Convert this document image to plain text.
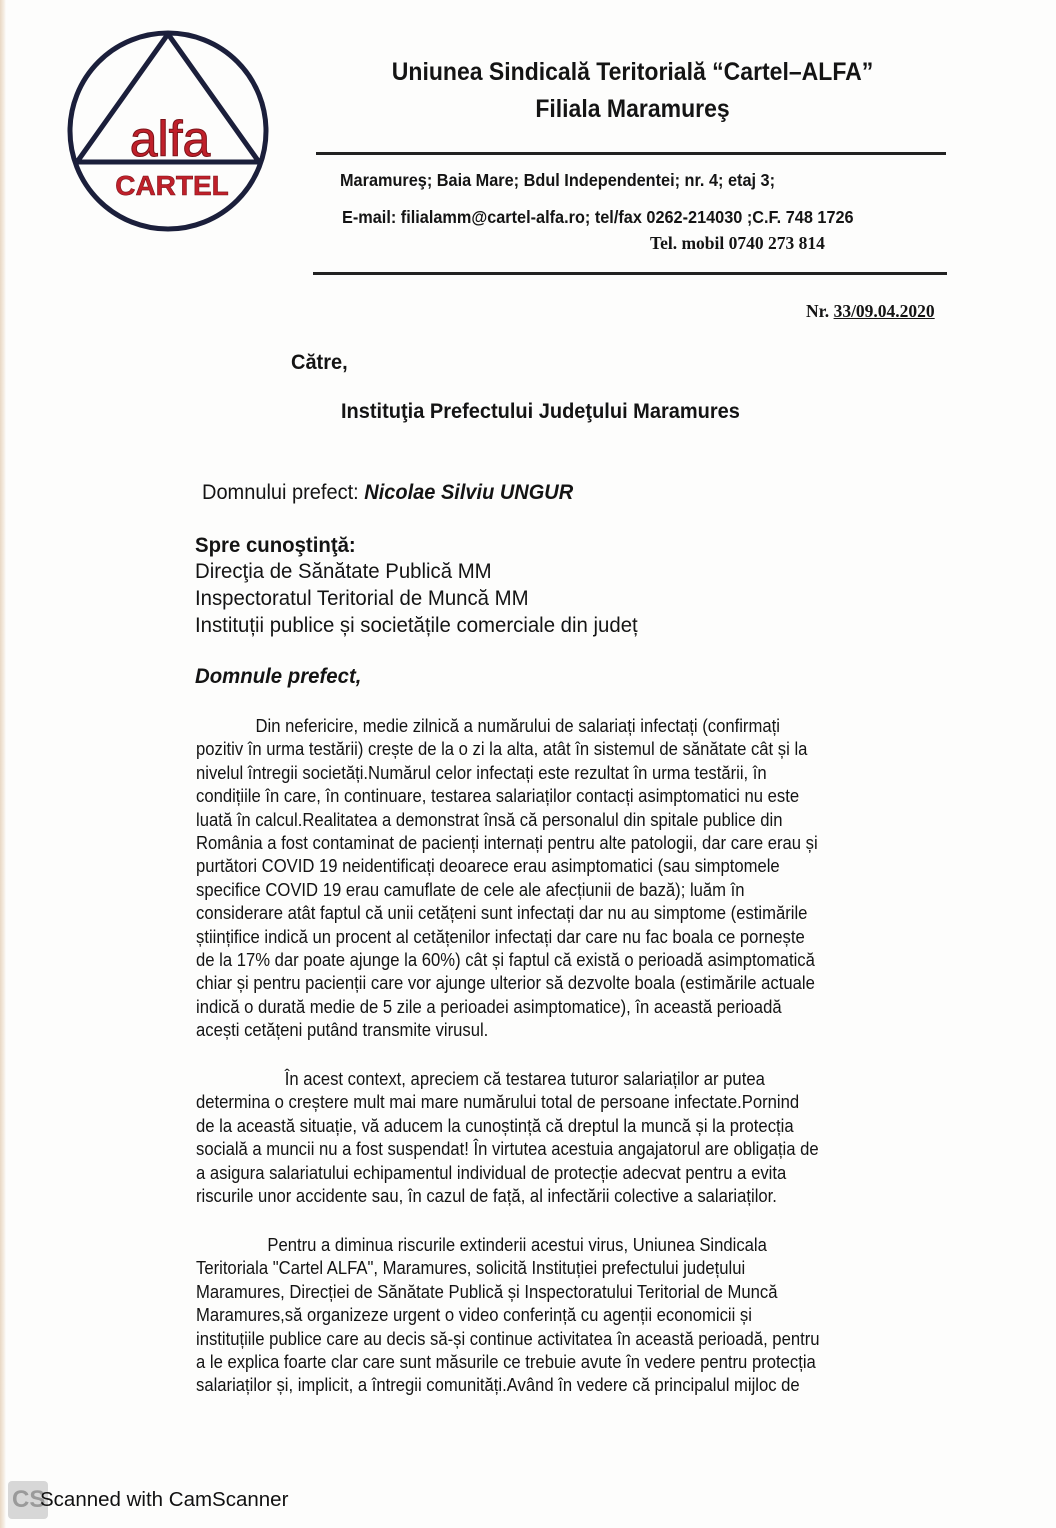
alfa
CARTEL
Uniunea Sindicală Teritorială “Cartel–ALFA”
Filiala Maramureş
Maramureş; Baia Mare; Bdul Independentei; nr. 4; etaj 3;
E-mail: filialamm@cartel-alfa.ro; tel/fax 0262-214030 ;C.F. 748 1726
Tel. mobil 0740 273 814
Nr. 33/09.04.2020
Către,
Instituţia Prefectului Judeţului Maramures
Domnului prefect: Nicolae Silviu UNGUR
Spre cunoştinţă:
Direcţia de Sănătate Publică MM
Inspectoratul Teritorial de Muncă MM
Instituții publice și societățile comerciale din județ
Domnule prefect,
Din nefericire, medie zilnică a numărului de salariați infectați (confirmați
pozitiv în urma testării) crește de la o zi la alta, atât în sistemul de sănătate cât și la
nivelul întregii societăți.Numărul celor infectați este rezultat în urma testării, în
condițiile în care, în continuare, testarea salariaților contacți asimptomatici nu este
luată în calcul.Realitatea a demonstrat însă că personalul din spitale publice din
România a fost contaminat de pacienți internați pentru alte patologii, dar care erau și
purtători COVID 19 neidentificați deoarece erau asimptomatici (sau simptomele
specifice COVID 19 erau camuflate de cele ale afecțiunii de bază); luăm în
considerare atât faptul că unii cetățeni sunt infectați dar nu au simptome (estimările
științifice indică un procent al cetățenilor infectați dar care nu fac boala ce pornește
de la 17% dar poate ajunge la 60%) cât și faptul că există o perioadă asimptomatică
chiar și pentru pacienții care vor ajunge ulterior să dezvolte boala (estimările actuale
indică o durată medie de 5 zile a perioadei asimptomatice), în această perioadă
acești cetățeni putând transmite virusul.
În acest context, apreciem că testarea tuturor salariaților ar putea
determina o creștere mult mai mare numărului total de persoane infectate.Pornind
de la această situație, vă aducem la cunoștință că dreptul la muncă și la protecția
socială a muncii nu a fost suspendat! În virtutea acestuia angajatorul are obligația de
a asigura salariatului echipamentul individual de protecție adecvat pentru a evita
riscurile unor accidente sau, în cazul de față, al infectării colective a salariaților.
Pentru a diminua riscurile extinderii acestui virus, Uniunea Sindicala
Teritoriala "Cartel ALFA", Maramures, solicită Instituției prefectului județului
Maramures, Direcției de Sănătate Publică și Inspectoratului Teritorial de Muncă
Maramures,să organizeze urgent o video conferință cu agenții economicii și
instituțiile publice care au decis să-și continue activitatea în această perioadă, pentru
a le explica foarte clar care sunt măsurile ce trebuie avute în vedere pentru protecția
salariaților și, implicit, a întregii comunități.Având în vedere că principalul mijloc de
CS
Scanned with CamScanner
